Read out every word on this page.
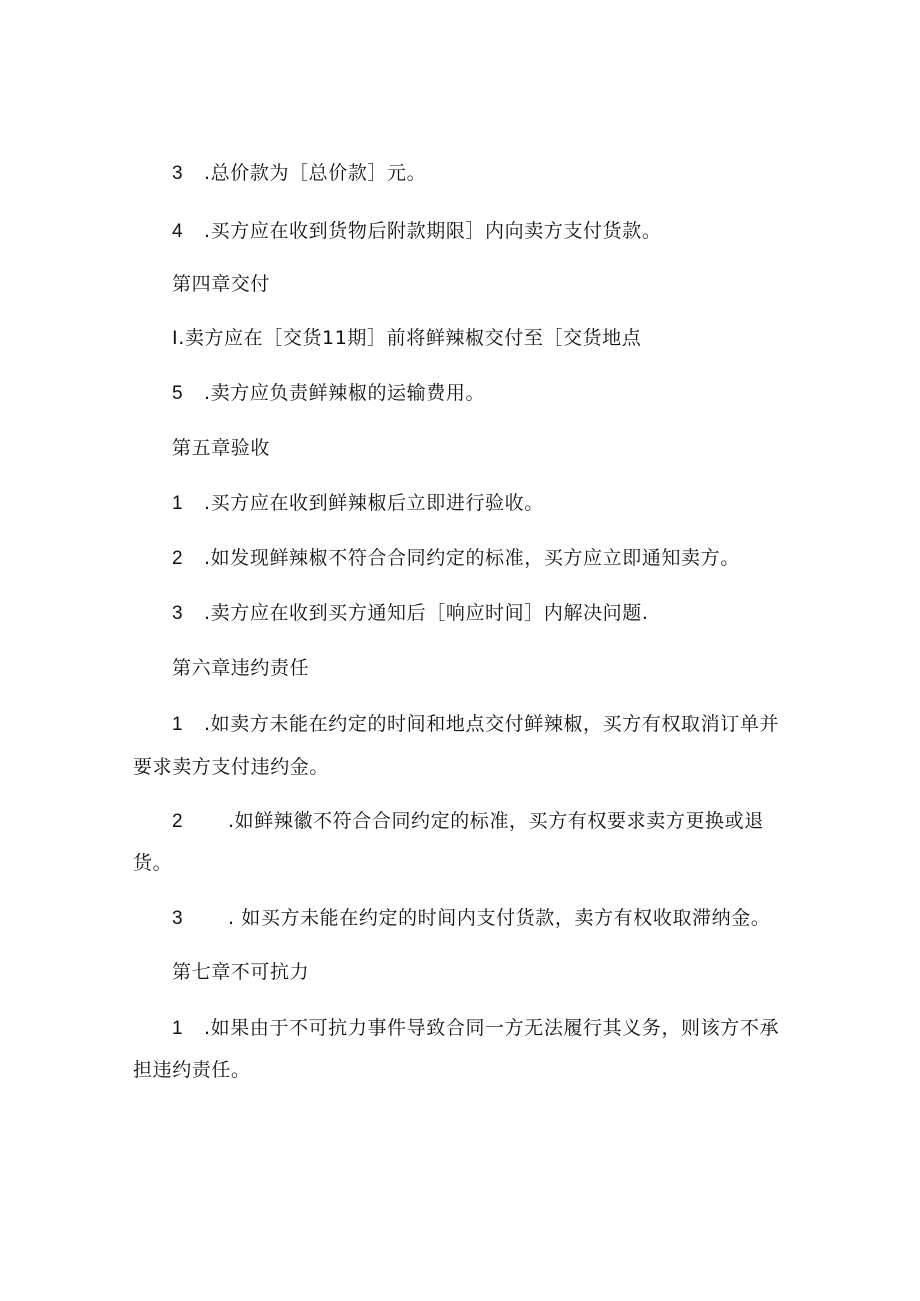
3 .总价款为［总价款］元。
4 .买方应在收到货物后附款期限］内向卖方支付货款。
第四章交付
I.卖方应在［交货11期］前将鲜辣椒交付至［交货地点
5 .卖方应负责鲜辣椒的运输费用。
第五章验收
1 .买方应在收到鲜辣椒后立即进行验收。
2 .如发现鲜辣椒不符合合同约定的标准，买方应立即通知卖方。
3 .卖方应在收到买方通知后［响应时间］内解决问题.
第六章违约责任
1 .如卖方未能在约定的时间和地点交付鲜辣椒，买方有权取消订单并
要求卖方支付违约金。
2 .如鲜辣徽不符合合同约定的标准，买方有权要求卖方更换或退
货。
3 . 如买方未能在约定的时间内支付货款，卖方有权收取滞纳金。
第七章不可抗力
1 .如果由于不可抗力事件导致合同一方无法履行其义务，则该方不承
担违约责任。
